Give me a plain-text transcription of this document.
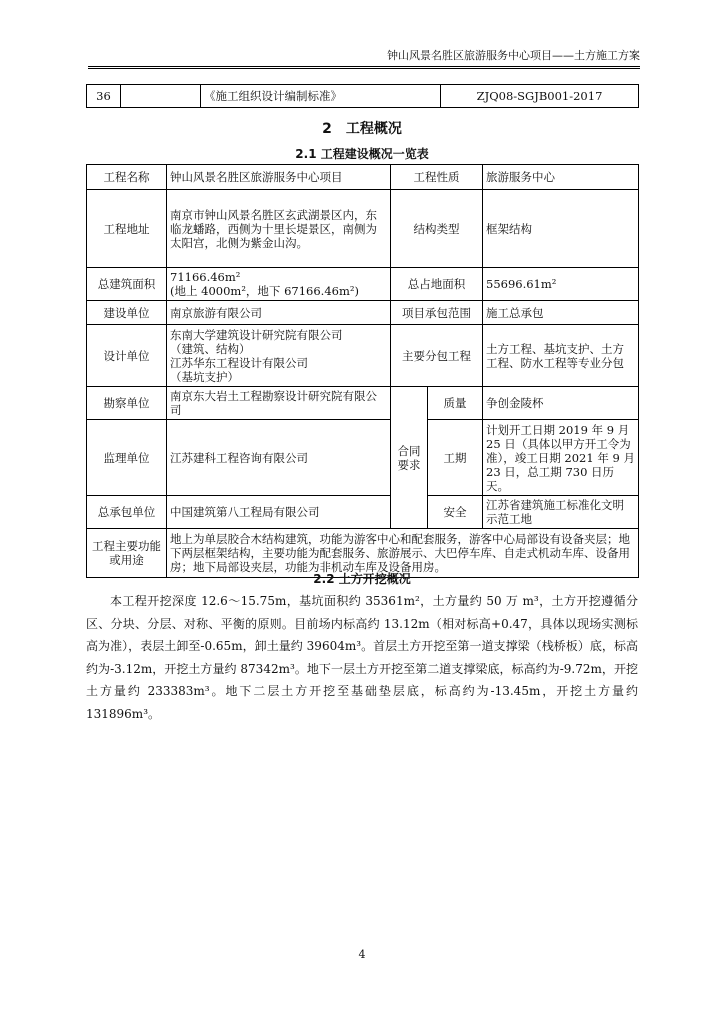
钟山风景名胜区旅游服务中心项目——土方施工方案
36		《施工组织设计编制标准》	ZJQ08-SGJB001-2017
2　工程概况
2.1 工程建设概况一览表
工程名称	钟山风景名胜区旅游服务中心项目	工程性质		旅游服务中心
工程地址	南京市钟山风景名胜区玄武湖景区内，东临龙蟠路，西侧为十里长堤景区，南侧为太阳宫，北侧为紫金山沟。	结构类型		框架结构
总建筑面积	71166.46m²
(地上 4000m²，地下 67166.46m²)	总占地面积		55696.61m²
建设单位	南京旅游有限公司	项目承包范围		施工总承包
设计单位	东南大学建筑设计研究院有限公司
（建筑、结构）
江苏华东工程设计有限公司
（基坑支护）	主要分包工程		土方工程、基坑支护、土方工程、防水工程等专业分包
勘察单位	南京东大岩土工程勘察设计研究院有限公司	合同要求	质量	争创金陵杯
监理单位	江苏建科工程咨询有限公司		工期	计划开工日期 2019 年 9 月 25 日（具体以甲方开工令为准），竣工日期 2021 年 9 月 23 日，总工期 730 日历天。
总承包单位	中国建筑第八工程局有限公司		安全	江苏省建筑施工标准化文明示范工地
工程主要功能或用途	地上为单层胶合木结构建筑，功能为游客中心和配套服务，游客中心局部设有设备夹层；地下两层框架结构，主要功能为配套服务、旅游展示、大巴停车库、自走式机动车库、设备用房；地下局部设夹层，功能为非机动车库及设备用房。			
2.2 土方开挖概况
本工程开挖深度 12.6～15.75m，基坑面积约 35361m²，土方量约 50 万 m³，土方开挖遵循分区、分块、分层、对称、平衡的原则。目前场内标高约 13.12m（相对标高+0.47，具体以现场实测标高为准），表层土卸至-0.65m，卸土量约 39604m³。首层土方开挖至第一道支撑梁（栈桥板）底，标高约为-3.12m，开挖土方量约 87342m³。地下一层土方开挖至第二道支撑梁底，标高约为-9.72m，开挖土方量约 233383m³。地下二层土方开挖至基础垫层底，标高约为-13.45m，开挖土方量约 131896m³。
4
